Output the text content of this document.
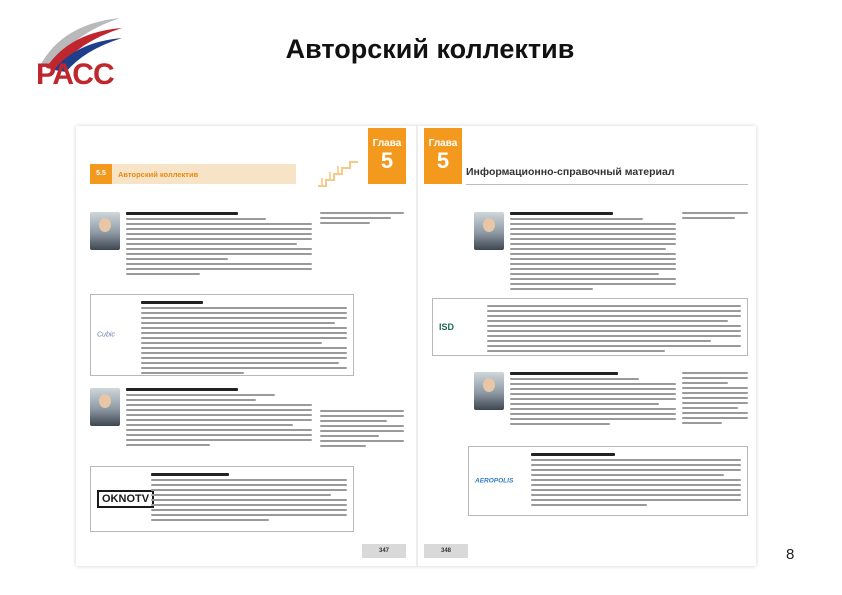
РАСС
Авторский коллектив
Глава
5
5.5	Авторский коллектив
Cubic
OKNOTV
347
Глава
5	Информационно-справочный материал
ISD
AEROPOLIS
348	8
